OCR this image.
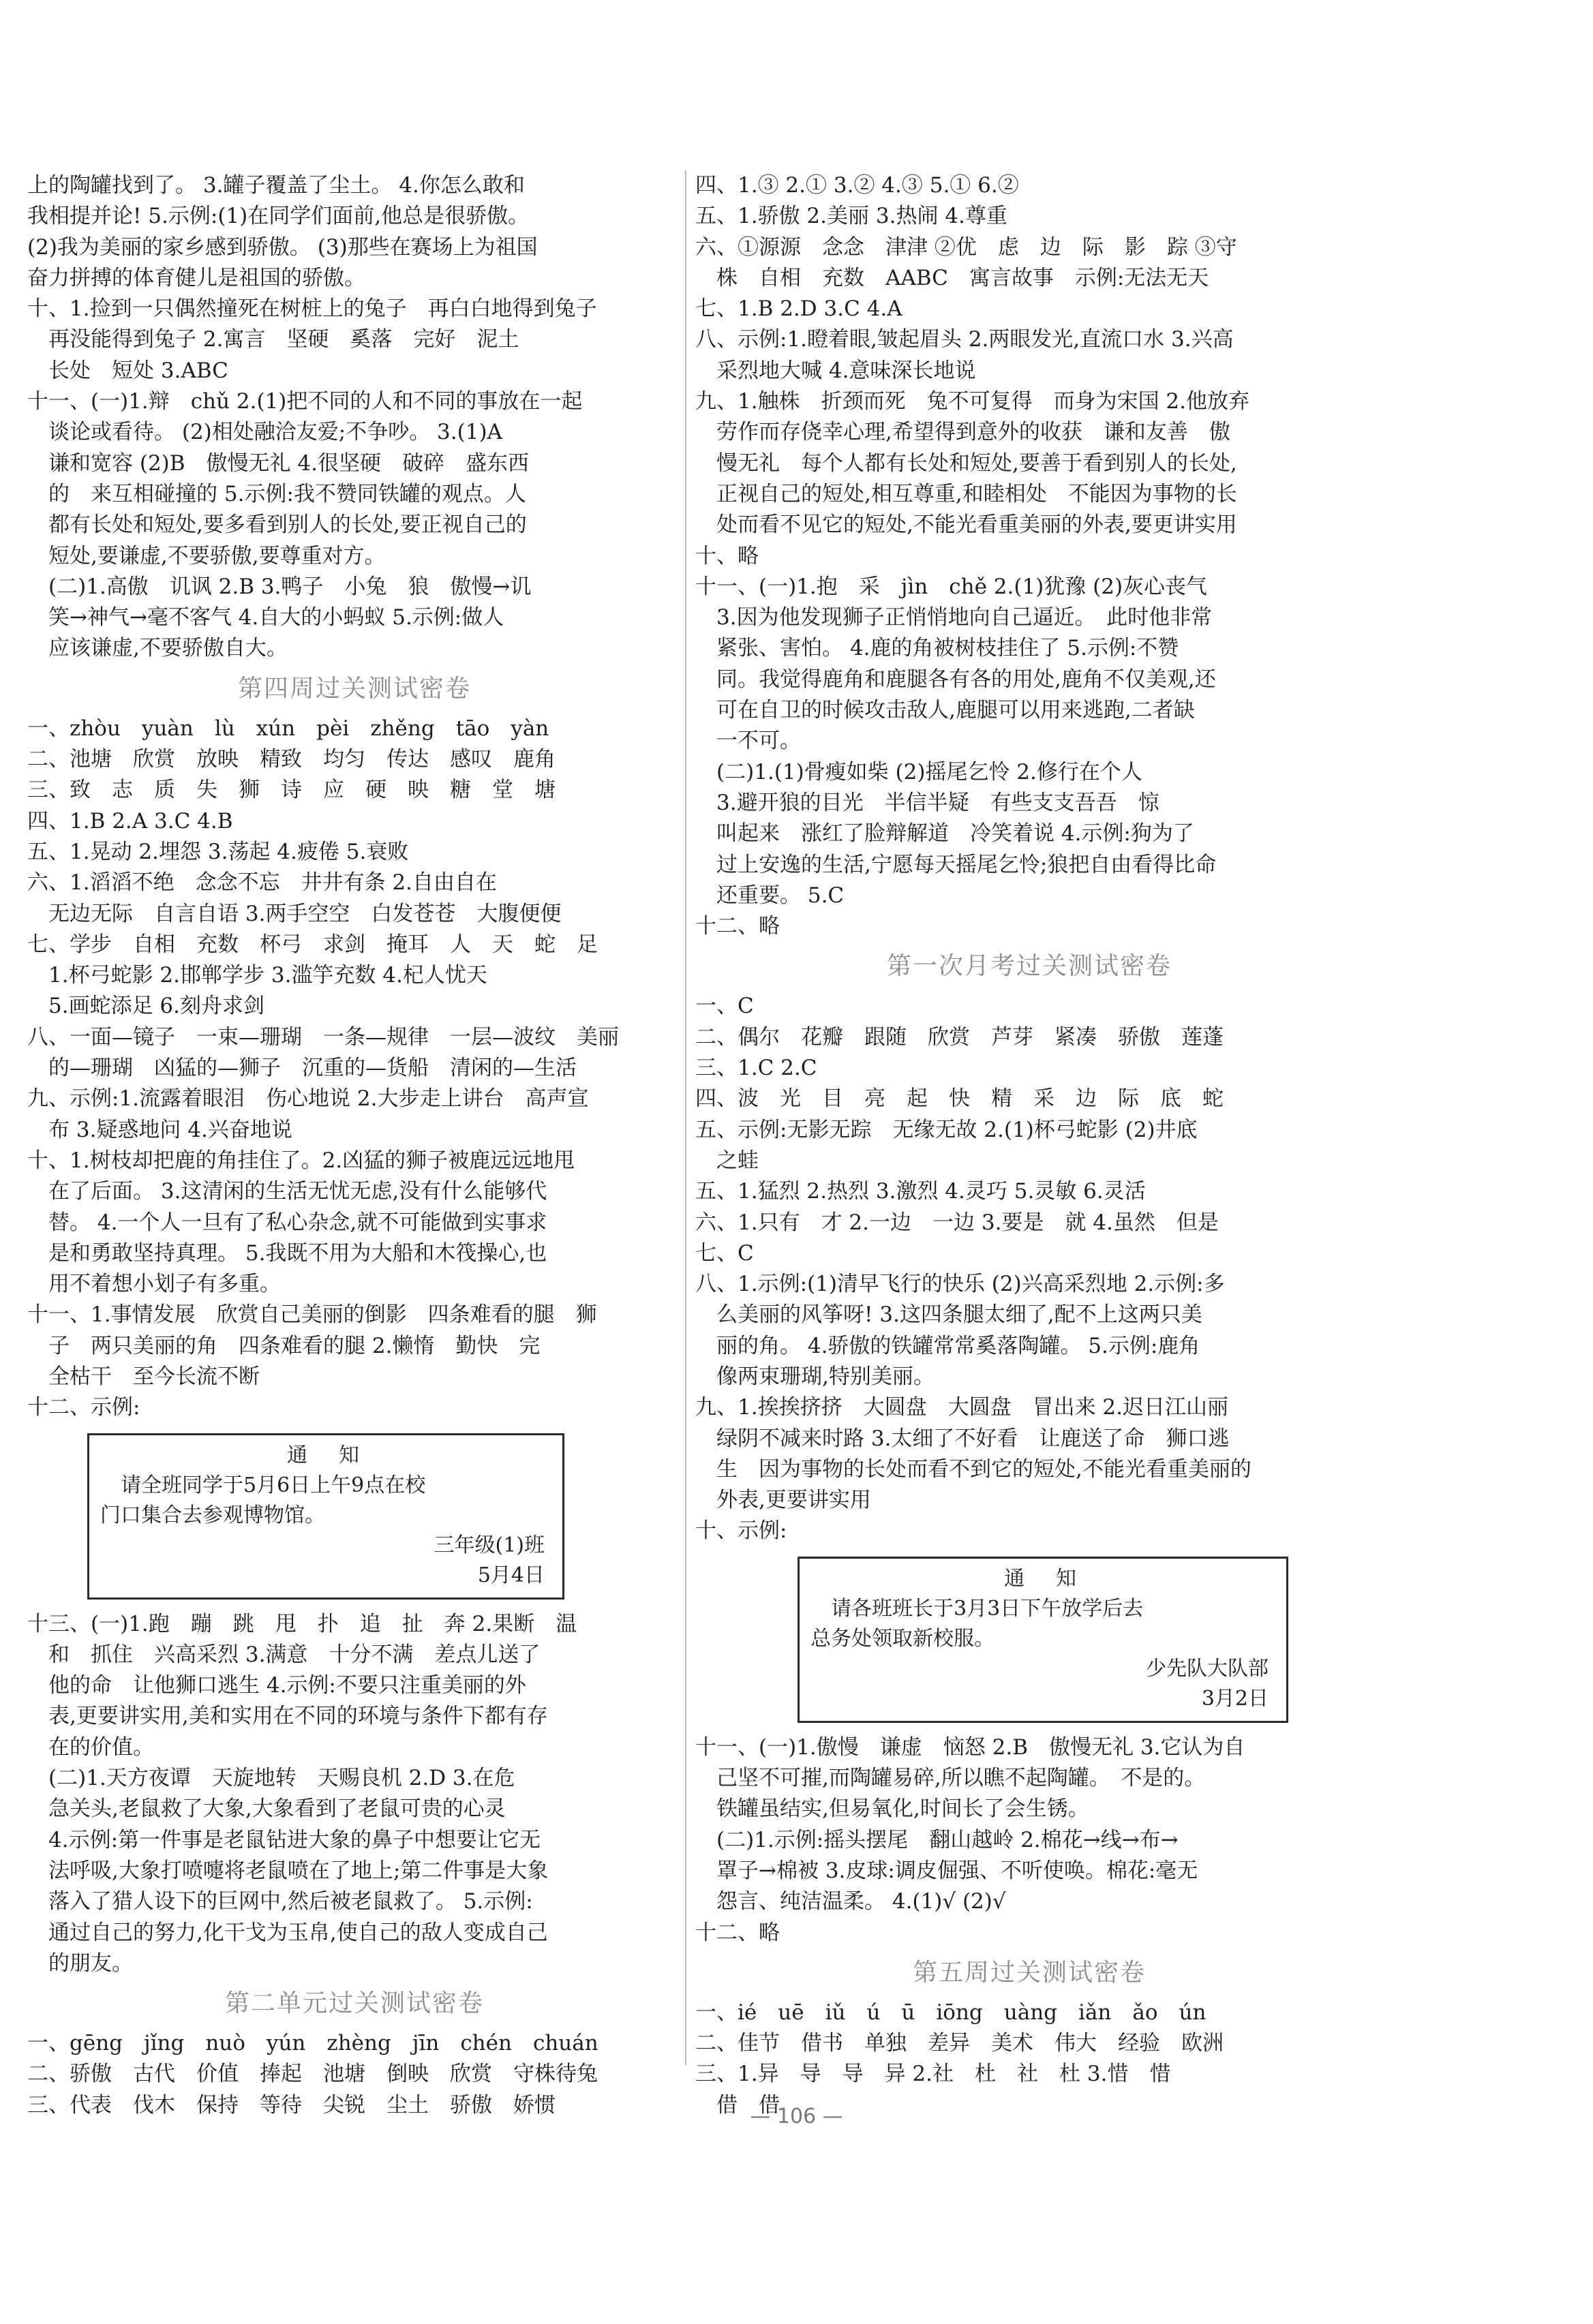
上的陶罐找到了。 3.罐子覆盖了尘土。 4.你怎么敢和
我相提并论! 5.示例:(1)在同学们面前,他总是很骄傲。
(2)我为美丽的家乡感到骄傲。 (3)那些在赛场上为祖国
奋力拼搏的体育健儿是祖国的骄傲。
十、1.捡到一只偶然撞死在树桩上的兔子　再白白地得到兔子
　再没能得到兔子 2.寓言　坚硬　奚落　完好　泥土
　长处　短处 3.ABC
十一、(一)1.辩　chǔ 2.(1)把不同的人和不同的事放在一起
　谈论或看待。 (2)相处融洽友爱;不争吵。 3.(1)A
　谦和宽容 (2)B　傲慢无礼 4.很坚硬　破碎　盛东西
　的　来互相碰撞的 5.示例:我不赞同铁罐的观点。人
　都有长处和短处,要多看到别人的长处,要正视自己的
　短处,要谦虚,不要骄傲,要尊重对方。
　(二)1.高傲　讥讽 2.B 3.鸭子　小兔　狼　傲慢→讥
　笑→神气→毫不客气 4.自大的小蚂蚁 5.示例:做人
　应该谦虚,不要骄傲自大。
第四周过关测试密卷
一、zhòu　yuàn　lù　xún　pèi　zhěng　tāo　yàn
二、池塘　欣赏　放映　精致　均匀　传达　感叹　鹿角
三、致　志　质　失　狮　诗　应　硬　映　糖　堂　塘
四、1.B 2.A 3.C 4.B
五、1.晃动 2.埋怨 3.荡起 4.疲倦 5.衰败
六、1.滔滔不绝　念念不忘　井井有条 2.自由自在
　无边无际　自言自语 3.两手空空　白发苍苍　大腹便便
七、学步　自相　充数　杯弓　求剑　掩耳　人　天　蛇　足
　1.杯弓蛇影 2.邯郸学步 3.滥竽充数 4.杞人忧天
　5.画蛇添足 6.刻舟求剑
八、一面—镜子　一束—珊瑚　一条—规律　一层—波纹　美丽
　的—珊瑚　凶猛的—狮子　沉重的—货船　清闲的—生活
九、示例:1.流露着眼泪　伤心地说 2.大步走上讲台　高声宣
　布 3.疑惑地问 4.兴奋地说
十、1.树枝却把鹿的角挂住了。2.凶猛的狮子被鹿远远地甩
　在了后面。 3.这清闲的生活无忧无虑,没有什么能够代
　替。 4.一个人一旦有了私心杂念,就不可能做到实事求
　是和勇敢坚持真理。 5.我既不用为大船和木筏操心,也
　用不着想小划子有多重。
十一、1.事情发展　欣赏自己美丽的倒影　四条难看的腿　狮
　子　两只美丽的角　四条难看的腿 2.懒惰　勤快　完
　全枯干　至今长流不断
十二、示例:
通　知
　请全班同学于5月6日上午9点在校
门口集合去参观博物馆。
三年级(1)班
5月4日
十三、(一)1.跑　蹦　跳　甩　扑　追　扯　奔 2.果断　温
　和　抓住　兴高采烈 3.满意　十分不满　差点儿送了
　他的命　让他狮口逃生 4.示例:不要只注重美丽的外
　表,更要讲实用,美和实用在不同的环境与条件下都有存
　在的价值。
　(二)1.天方夜谭　天旋地转　天赐良机 2.D 3.在危
　急关头,老鼠救了大象,大象看到了老鼠可贵的心灵
　4.示例:第一件事是老鼠钻进大象的鼻子中想要让它无
　法呼吸,大象打喷嚏将老鼠喷在了地上;第二件事是大象
　落入了猎人设下的巨网中,然后被老鼠救了。 5.示例:
　通过自己的努力,化干戈为玉帛,使自己的敌人变成自己
　的朋友。
第二单元过关测试密卷
一、gēng　jǐng　nuò　yún　zhèng　jīn　chén　chuán
二、骄傲　古代　价值　捧起　池塘　倒映　欣赏　守株待兔
三、代表　伐木　保持　等待　尖锐　尘土　骄傲　娇惯
四、1.③ 2.① 3.② 4.③ 5.① 6.②
五、1.骄傲 2.美丽 3.热闹 4.尊重
六、①源源　念念　津津 ②优　虑　边　际　影　踪 ③守
　株　自相　充数　AABC　寓言故事　示例:无法无天
七、1.B 2.D 3.C 4.A
八、示例:1.瞪着眼,皱起眉头 2.两眼发光,直流口水 3.兴高
　采烈地大喊 4.意味深长地说
九、1.触株　折颈而死　兔不可复得　而身为宋国 2.他放弃
　劳作而存侥幸心理,希望得到意外的收获　谦和友善　傲
　慢无礼　每个人都有长处和短处,要善于看到别人的长处,
　正视自己的短处,相互尊重,和睦相处　不能因为事物的长
　处而看不见它的短处,不能光看重美丽的外表,要更讲实用
十、略
十一、(一)1.抱　采　jìn　chě 2.(1)犹豫 (2)灰心丧气
　3.因为他发现狮子正悄悄地向自己逼近。　此时他非常
　紧张、害怕。 4.鹿的角被树枝挂住了 5.示例:不赞
　同。我觉得鹿角和鹿腿各有各的用处,鹿角不仅美观,还
　可在自卫的时候攻击敌人,鹿腿可以用来逃跑,二者缺
　一不可。
　(二)1.(1)骨瘦如柴 (2)摇尾乞怜 2.修行在个人
　3.避开狼的目光　半信半疑　有些支支吾吾　惊
　叫起来　涨红了脸辩解道　冷笑着说 4.示例:狗为了
　过上安逸的生活,宁愿每天摇尾乞怜;狼把自由看得比命
　还重要。 5.C
十二、略
第一次月考过关测试密卷
一、C
二、偶尔　花瓣　跟随　欣赏　芦芽　紧凑　骄傲　莲蓬
三、1.C 2.C
四、波　光　目　亮　起　快　精　采　边　际　底　蛇
五、示例:无影无踪　无缘无故 2.(1)杯弓蛇影 (2)井底
　之蛙
五、1.猛烈 2.热烈 3.激烈 4.灵巧 5.灵敏 6.灵活
六、1.只有　才 2.一边　一边 3.要是　就 4.虽然　但是
七、C
八、1.示例:(1)清早飞行的快乐 (2)兴高采烈地 2.示例:多
　么美丽的风筝呀! 3.这四条腿太细了,配不上这两只美
　丽的角。 4.骄傲的铁罐常常奚落陶罐。 5.示例:鹿角
　像两束珊瑚,特别美丽。
九、1.挨挨挤挤　大圆盘　大圆盘　冒出来 2.迟日江山丽
　绿阴不减来时路 3.太细了不好看　让鹿送了命　狮口逃
　生　因为事物的长处而看不到它的短处,不能光看重美丽的
　外表,更要讲实用
十、示例:
通　知
　请各班班长于3月3日下午放学后去
总务处领取新校服。
少先队大队部
3月2日
十一、(一)1.傲慢　谦虚　恼怒 2.B　傲慢无礼 3.它认为自
　己坚不可摧,而陶罐易碎,所以瞧不起陶罐。　不是的。
　铁罐虽结实,但易氧化,时间长了会生锈。
　(二)1.示例:摇头摆尾　翻山越岭 2.棉花→线→布→
　罩子→棉被 3.皮球:调皮倔强、不听使唤。棉花:毫无
　怨言、纯洁温柔。 4.(1)√ (2)√
十二、略
第五周过关测试密卷
一、ié　uē　iǔ　ú　ū　iōng　uàng　iǎn　ǎo　ún
二、佳节　借书　单独　差异　美术　伟大　经验　欧洲
三、1.异　导　导　异 2.社　杜　社　杜 3.惜　惜
　借　借
— 106 —
